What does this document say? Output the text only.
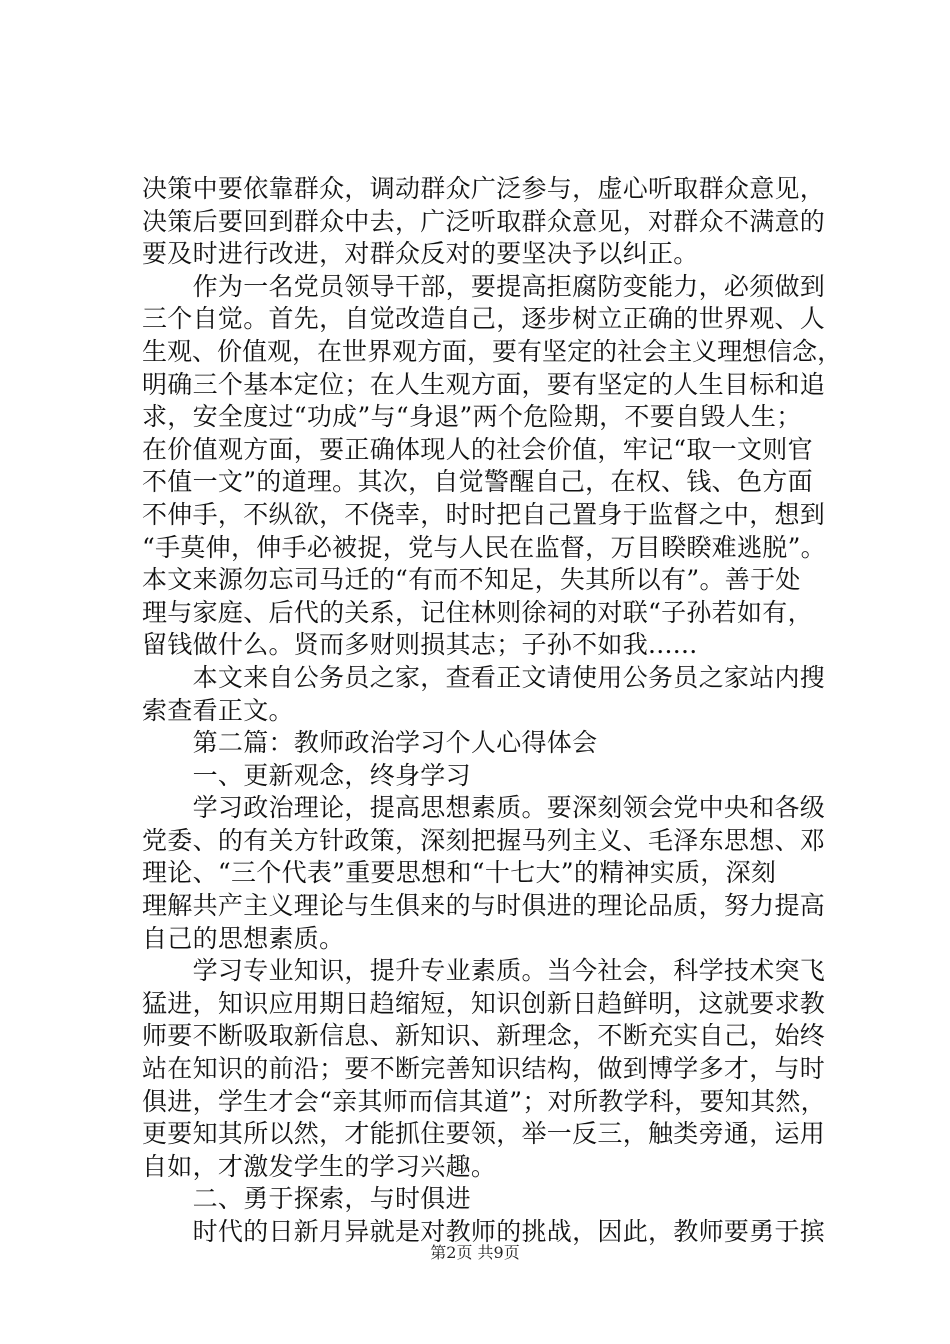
决策中要依靠群众，调动群众广泛参与，虚心听取群众意见，
决策后要回到群众中去，广泛听取群众意见，对群众不满意的
要及时进行改进，对群众反对的要坚决予以纠正。
　　作为一名党员领导干部，要提高拒腐防变能力，必须做到
三个自觉。首先，自觉改造自己，逐步树立正确的世界观、人
生观、价值观，在世界观方面，要有坚定的社会主义理想信念，
明确三个基本定位；在人生观方面，要有坚定的人生目标和追
求，安全度过“功成”与“身退”两个危险期，不要自毁人生；
在价值观方面，要正确体现人的社会价值，牢记“取一文则官
不值一文”的道理。其次，自觉警醒自己，在权、钱、色方面
不伸手，不纵欲，不侥幸，时时把自己置身于监督之中，想到
“手莫伸，伸手必被捉，党与人民在监督，万目睽睽难逃脱”。
本文来源勿忘司马迁的“有而不知足，失其所以有”。善于处
理与家庭、后代的关系，记住林则徐祠的对联“子孙若如有，
留钱做什么。贤而多财则损其志；子孙不如我......
　　本文来自公务员之家，查看正文请使用公务员之家站内搜
索查看正文。
　　第二篇：教师政治学习个人心得体会
　　一、更新观念，终身学习
　　学习政治理论，提高思想素质。要深刻领会党中央和各级
党委、的有关方针政策，深刻把握马列主义、毛泽东思想、邓
理论、“三个代表”重要思想和“十七大”的精神实质，深刻
理解共产主义理论与生俱来的与时俱进的理论品质，努力提高
自己的思想素质。
　　学习专业知识，提升专业素质。当今社会，科学技术突飞
猛进，知识应用期日趋缩短，知识创新日趋鲜明，这就要求教
师要不断吸取新信息、新知识、新理念，不断充实自己，始终
站在知识的前沿；要不断完善知识结构，做到博学多才，与时
俱进，学生才会“亲其师而信其道”；对所教学科，要知其然，
更要知其所以然，才能抓住要领，举一反三，触类旁通，运用
自如，才激发学生的学习兴趣。
　　二、勇于探索，与时俱进
　　时代的日新月异就是对教师的挑战，因此，教师要勇于摈
第2页 共9页
